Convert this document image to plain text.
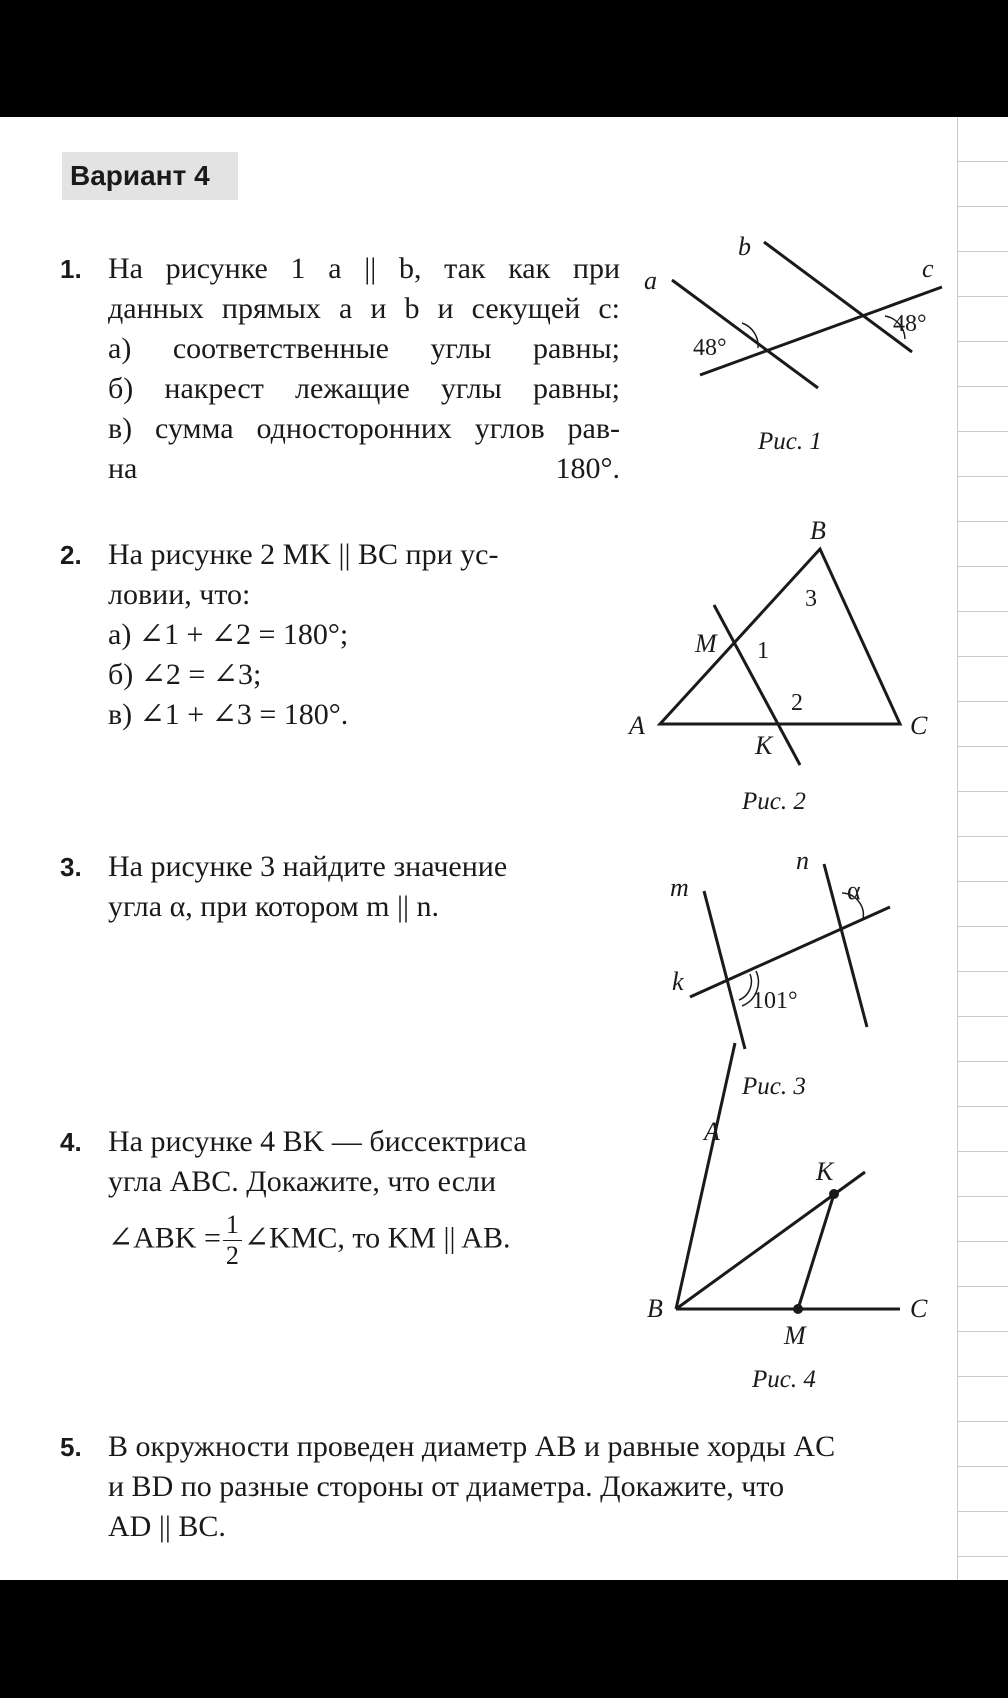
Вариант 4
1. На рисунке 1 a || b, так как при
данных прямых a и b и секущей c:
а) соответственные углы равны;
б) накрест лежащие углы равны;
в) сумма односторонних углов рав-
на 180°.
2. На рисунке 2 MK || BC при ус-
ловии, что:
а) ∠1 + ∠2 = 180°;
б) ∠2 = ∠3;
в) ∠1 + ∠3 = 180°.
3. На рисунке 3 найдите значение
угла α, при котором m || n.
4. На рисунке 4 BK — биссектриса
угла ABC. Докажите, что если
∠ABK = $\frac{1}{2}$ ∠KMC, то KM || AB.
5. В окружности проведен диаметр AB и равные хорды AC
и BD по разные стороны от диаметра. Докажите, что
AD || BC.
a
b
c
48°
48°
Рис. 1
A
B
C
M
K
1
2
3
Рис. 2
m
n
k
α
101°
Рис. 3
A
B	C
K
M
Рис. 4
